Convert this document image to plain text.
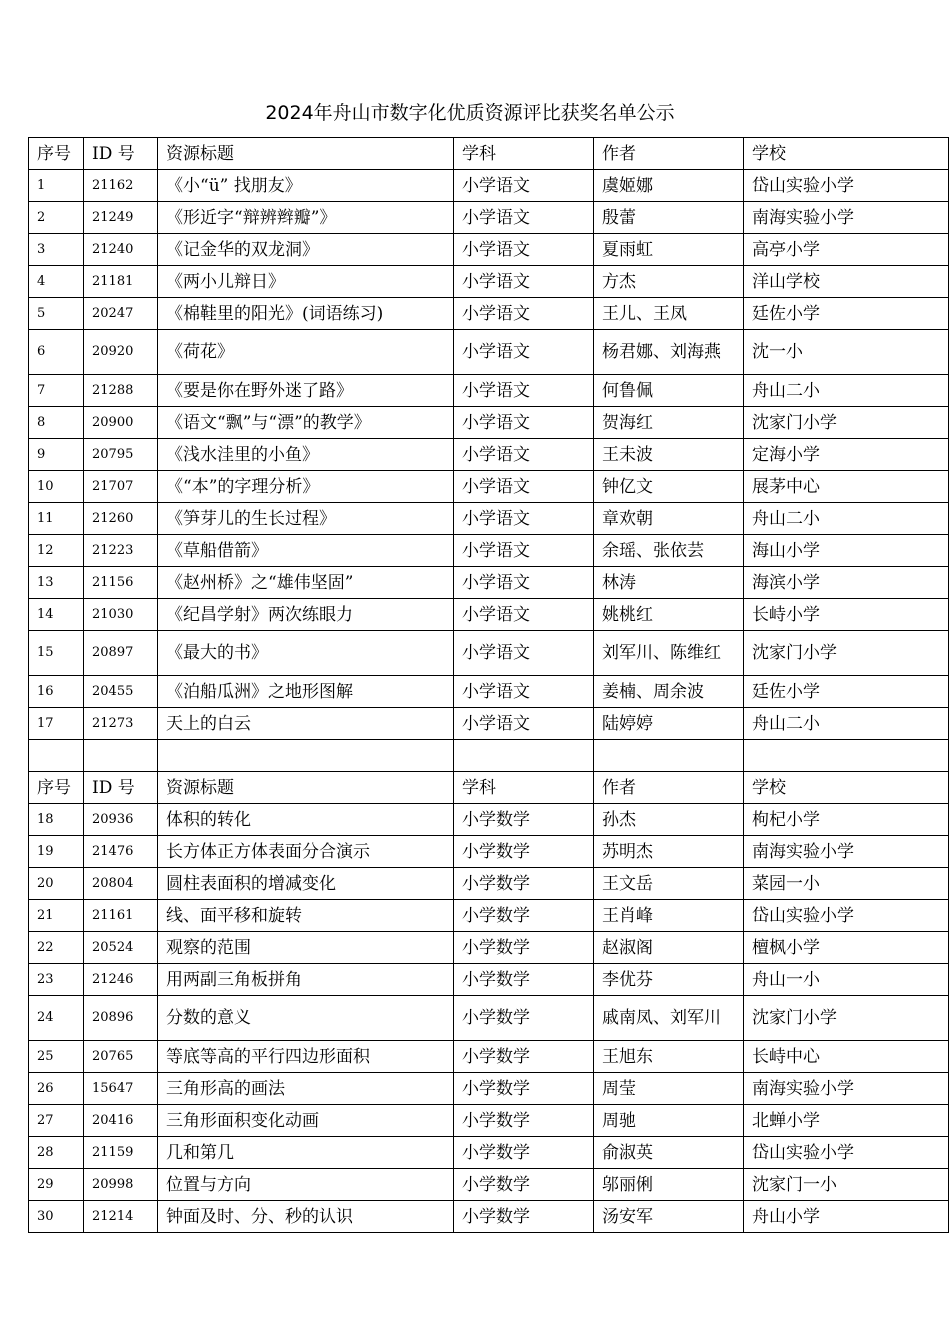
2024年舟山市数字化优质资源评比获奖名单公示
序号	ID 号	资源标题	学科	作者	学校
1	21162	《小“ü” 找朋友》	小学语文	虞姬娜	岱山实验小学
2	21249	《形近字“辩辨辫瓣”》	小学语文	殷蕾	南海实验小学
3	21240	《记金华的双龙洞》	小学语文	夏雨虹	高亭小学
4	21181	《两小儿辩日》	小学语文	方杰	洋山学校
5	20247	《棉鞋里的阳光》(词语练习)	小学语文	王儿、王凤	廷佐小学
6	20920	《荷花》	小学语文	杨君娜、刘海燕	沈一小
7	21288	《要是你在野外迷了路》	小学语文	何鲁佩	舟山二小
8	20900	《语文“飘”与“漂”的教学》	小学语文	贺海红	沈家门小学
9	20795	《浅水洼里的小鱼》	小学语文	王未波	定海小学
10	21707	《“本”的字理分析》	小学语文	钟亿文	展茅中心
11	21260	《笋芽儿的生长过程》	小学语文	章欢朝	舟山二小
12	21223	《草船借箭》	小学语文	余瑶、张依芸	海山小学
13	21156	《赵州桥》之“雄伟坚固”	小学语文	林涛	海滨小学
14	21030	《纪昌学射》两次练眼力	小学语文	姚桃红	长峙小学
15	20897	《最大的书》	小学语文	刘军川、陈维红	沈家门小学
16	20455	《泊船瓜洲》之地形图解	小学语文	姜楠、周余波	廷佐小学
17	21273	天上的白云	小学语文	陆婷婷	舟山二小

序号	ID 号	资源标题	学科	作者	学校
18	20936	体积的转化	小学数学	孙杰	枸杞小学
19	21476	长方体正方体表面分合演示	小学数学	苏明杰	南海实验小学
20	20804	圆柱表面积的增减变化	小学数学	王文岳	菜园一小
21	21161	线、面平移和旋转	小学数学	王肖峰	岱山实验小学
22	20524	观察的范围	小学数学	赵淑阁	檀枫小学
23	21246	用两副三角板拼角	小学数学	李优芬	舟山一小
24	20896	分数的意义	小学数学	戚南凤、刘军川	沈家门小学
25	20765	等底等高的平行四边形面积	小学数学	王旭东	长峙中心
26	15647	三角形高的画法	小学数学	周莹	南海实验小学
27	20416	三角形面积变化动画	小学数学	周驰	北蝉小学
28	21159	几和第几	小学数学	俞淑英	岱山实验小学
29	20998	位置与方向	小学数学	邬丽俐	沈家门一小
30	21214	钟面及时、分、秒的认识	小学数学	汤安军	舟山小学
